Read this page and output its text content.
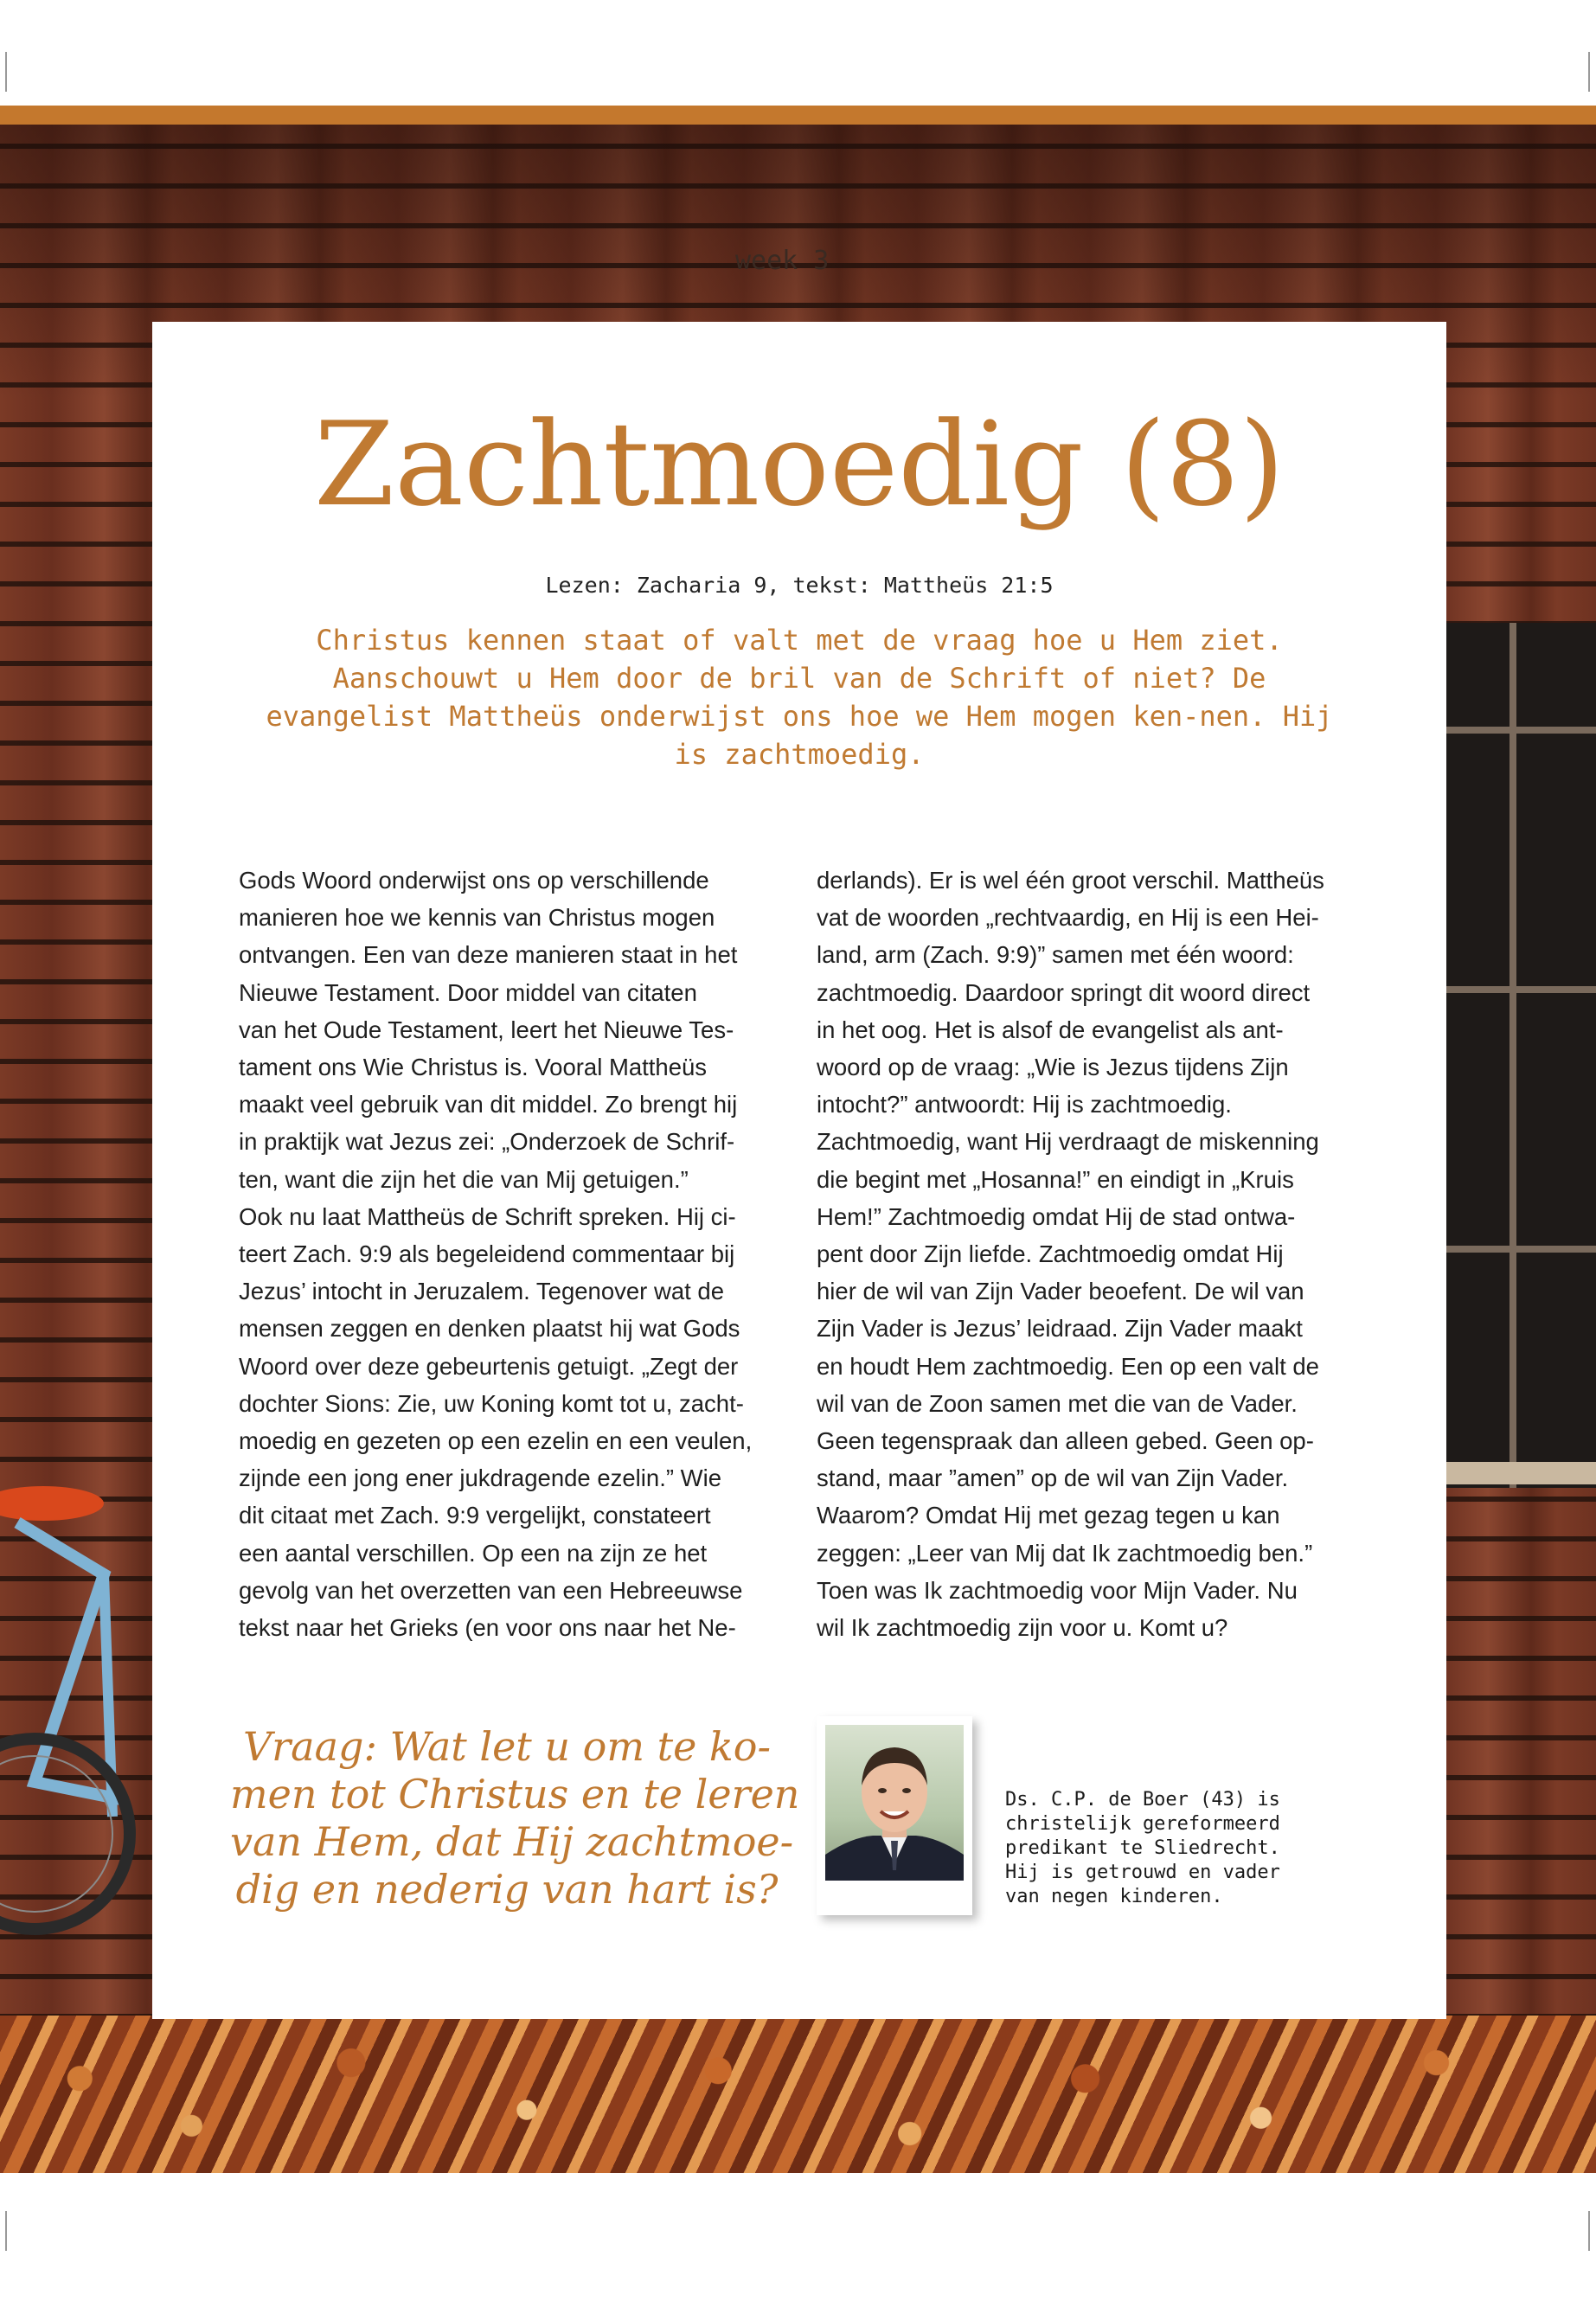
week 3
Zachtmoedig (8)
Lezen: Zacharia 9, tekst: Mattheüs 21:5
Christus kennen staat of valt met de vraag hoe u Hem ziet. Aanschouwt u Hem door de bril van de Schrift of niet? De evangelist Mattheüs onderwijst ons hoe we Hem mogen ken-nen. Hij is zachtmoedig.
Gods Woord onderwijst ons op verschillende
manieren hoe we kennis van Christus mogen
ontvangen. Een van deze manieren staat in het
Nieuwe Testament. Door middel van citaten
van het Oude Testament, leert het Nieuwe Tes-
tament ons Wie Christus is. Vooral Mattheüs
maakt veel gebruik van dit middel. Zo brengt hij
in praktijk wat Jezus zei: „Onderzoek de Schrif-
ten, want die zijn het die van Mij getuigen.”
Ook nu laat Mattheüs de Schrift spreken. Hij ci-
teert Zach. 9:9 als begeleidend commentaar bij
Jezus’ intocht in Jeruzalem. Tegenover wat de
mensen zeggen en denken plaatst hij wat Gods
Woord over deze gebeurtenis getuigt. „Zegt der
dochter Sions: Zie, uw Koning komt tot u, zacht-
moedig en gezeten op een ezelin en een veulen,
zijnde een jong ener jukdragende ezelin.” Wie
dit citaat met Zach. 9:9 vergelijkt, constateert
een aantal verschillen. Op een na zijn ze het
gevolg van het overzetten van een Hebreeuwse
tekst naar het Grieks (en voor ons naar het Ne-
derlands). Er is wel één groot verschil. Mattheüs
vat de woorden „rechtvaardig, en Hij is een Hei-
land, arm (Zach. 9:9)” samen met één woord:
zachtmoedig. Daardoor springt dit woord direct
in het oog. Het is alsof de evangelist als ant-
woord op de vraag: „Wie is Jezus tijdens Zijn
intocht?” antwoordt: Hij is zachtmoedig.
Zachtmoedig, want Hij verdraagt de miskenning
die begint met „Hosanna!” en eindigt in „Kruis
Hem!” Zachtmoedig omdat Hij de stad ontwa-
pent door Zijn liefde. Zachtmoedig omdat Hij
hier de wil van Zijn Vader beoefent. De wil van
Zijn Vader is Jezus’ leidraad. Zijn Vader maakt
en houdt Hem zachtmoedig. Een op een valt de
wil van de Zoon samen met die van de Vader.
Geen tegenspraak dan alleen gebed. Geen op-
stand, maar ”amen” op de wil van Zijn Vader.
Waarom? Omdat Hij met gezag tegen u kan
zeggen: „Leer van Mij dat Ik zachtmoedig ben.”
Toen was Ik zachtmoedig voor Mijn Vader. Nu
wil Ik zachtmoedig zijn voor u. Komt u?
Vraag: Wat let u om te ko-
men tot Christus en te leren
van Hem, dat Hij zachtmoe-
dig en nederig van hart is?
Ds. C.P. de Boer (43) is
christelijk gereformeerd
predikant te Sliedrecht.
Hij is getrouwd en vader
van negen kinderen.
